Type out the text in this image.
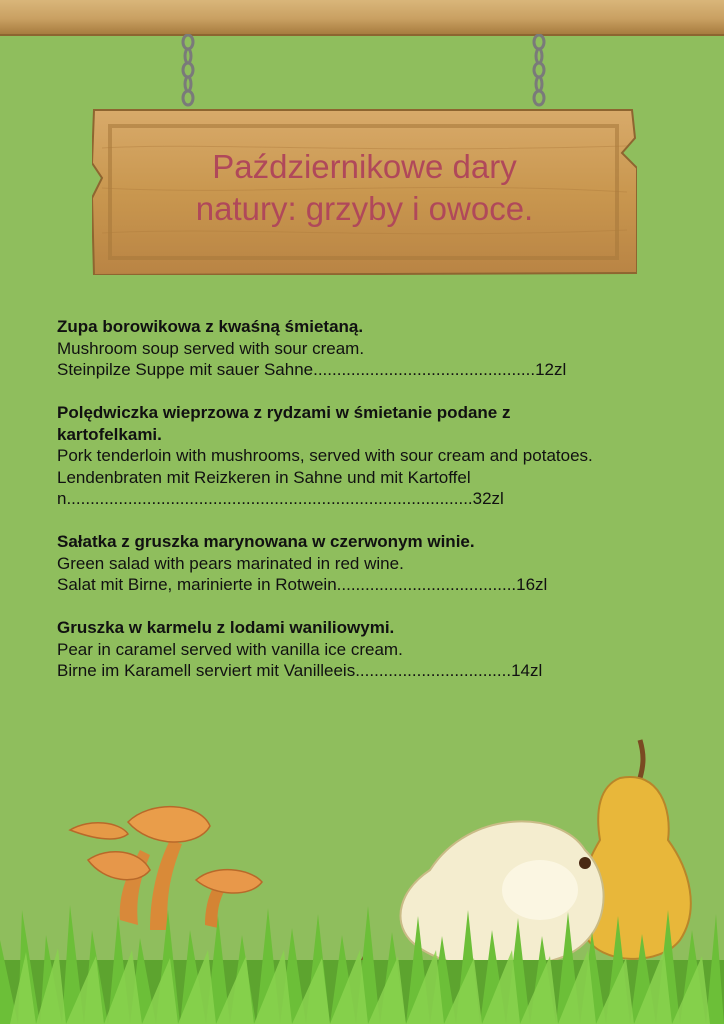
Październikowe dary
natury: grzyby i owoce.
Zupa borowikowa z kwaśną śmietaną.
Mushroom soup served with sour cream.
Steinpilze Suppe mit sauer Sahne...............................................12zl
Polędwiczka wieprzowa z rydzami w śmietanie podane z kartofelkami.
Pork tenderloin with mushrooms, served with sour cream and potatoes.
Lendenbraten mit Reizkeren in Sahne und mit Kartoffeln......................................................................................32zl
Sałatka z gruszka marynowana w czerwonym winie.
Green salad with pears marinated in red wine.
Salat mit Birne, marinierte in Rotwein......................................16zl
Gruszka w karmelu z lodami waniliowymi.
Pear in caramel served with vanilla ice cream.
Birne im Karamell serviert mit Vanilleeis.................................14zl
